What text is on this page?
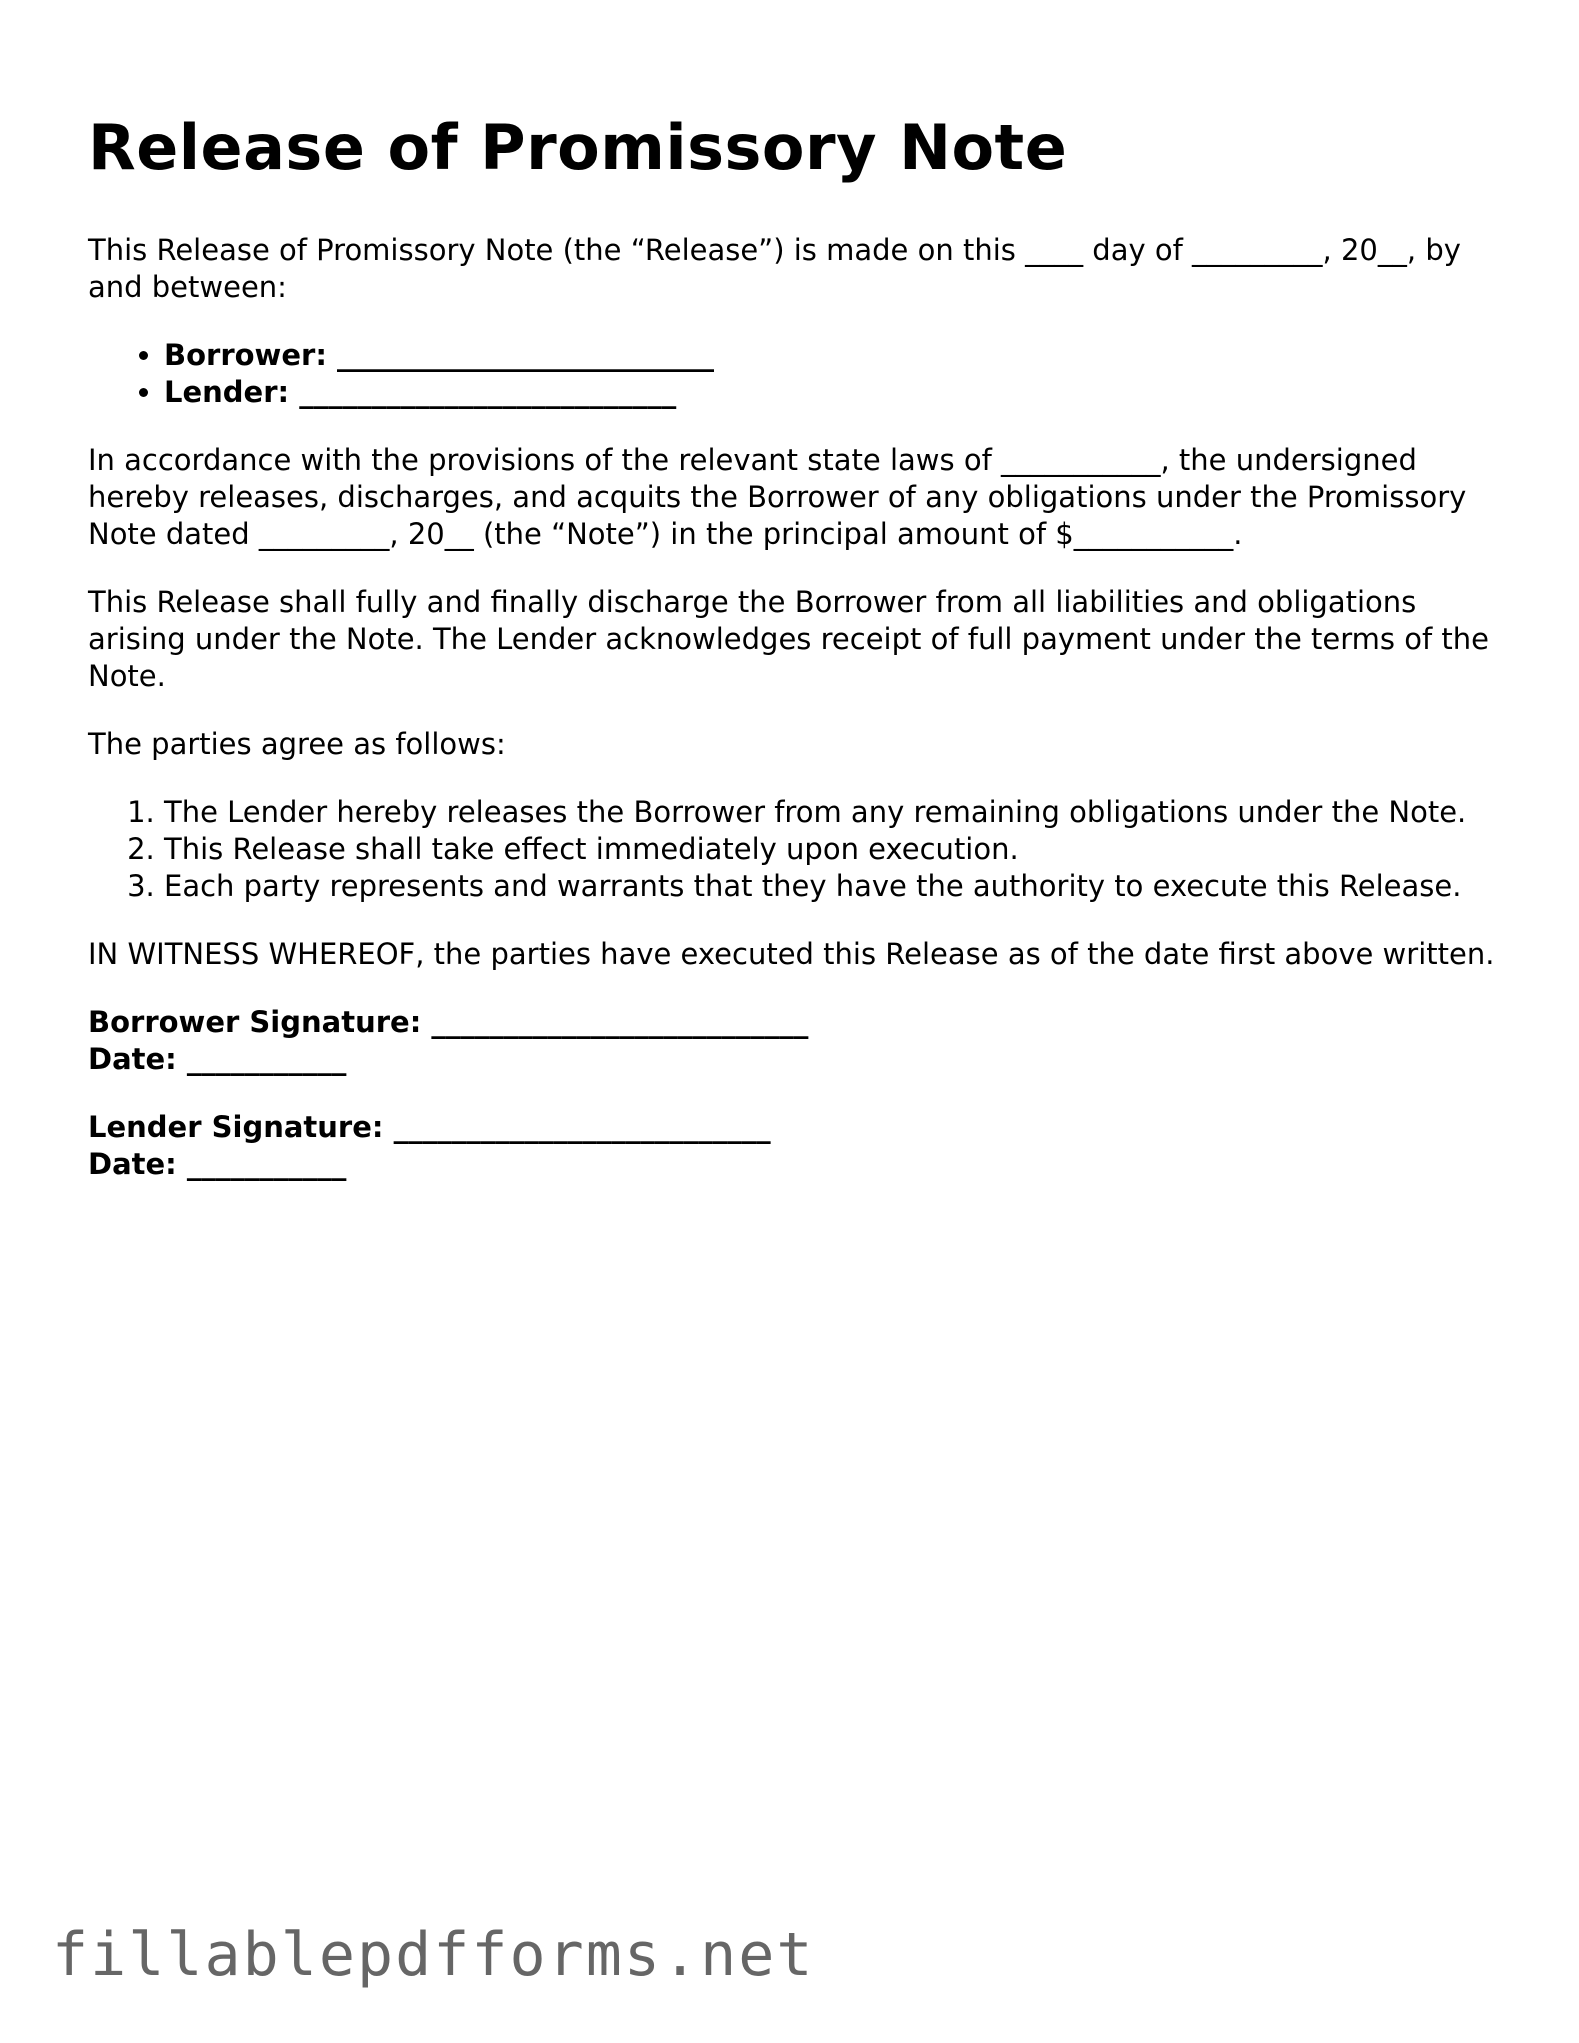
Release of Promissory Note

This Release of Promissory Note (the “Release”) is made on this ____ day of _________, 20__, by and between:

• Borrower: __________________________
• Lender: __________________________

In accordance with the provisions of the relevant state laws of ___________, the undersigned hereby releases, discharges, and acquits the Borrower of any obligations under the Promissory Note dated _________, 20__ (the “Note”) in the principal amount of $___________.

This Release shall fully and finally discharge the Borrower from all liabilities and obligations arising under the Note. The Lender acknowledges receipt of full payment under the terms of the Note.

The parties agree as follows:

1. The Lender hereby releases the Borrower from any remaining obligations under the Note.
2. This Release shall take effect immediately upon execution.
3. Each party represents and warrants that they have the authority to execute this Release.

IN WITNESS WHEREOF, the parties have executed this Release as of the date first above written.

Borrower Signature: __________________________
Date: ___________
Lender Signature: __________________________
Date: ___________
fillablepdfforms.net
